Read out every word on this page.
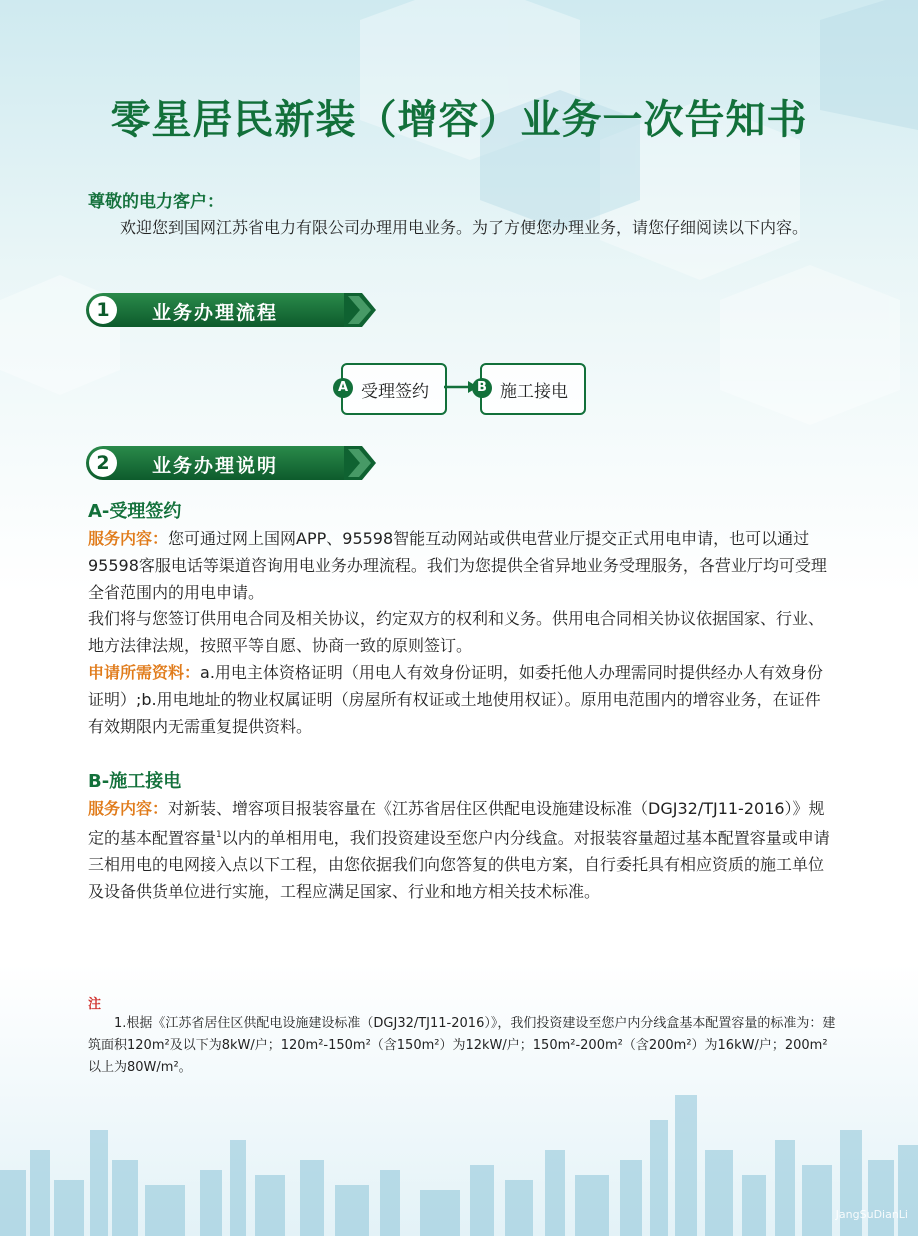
零星居民新装（增容）业务一次告知书
尊敬的电力客户：
欢迎您到国网江苏省电力有限公司办理用电业务。为了方便您办理业务，请您仔细阅读以下内容。
1	业务办理流程
A 受理签约	B 施工接电
2	业务办理说明
A-受理签约
服务内容：您可通过网上国网APP、95598智能互动网站或供电营业厅提交正式用电申请，也可以通过95598客服电话等渠道咨询用电业务办理流程。我们为您提供全省异地业务受理服务，各营业厅均可受理全省范围内的用电申请。
我们将与您签订供用电合同及相关协议，约定双方的权利和义务。供用电合同相关协议依据国家、行业、地方法律法规，按照平等自愿、协商一致的原则签订。
申请所需资料：a.用电主体资格证明（用电人有效身份证明，如委托他人办理需同时提供经办人有效身份证明）;b.用电地址的物业权属证明（房屋所有权证或土地使用权证）。原用电范围内的增容业务，在证件有效期限内无需重复提供资料。
B-施工接电
服务内容：对新装、增容项目报装容量在《江苏省居住区供配电设施建设标准（DGJ32/TJ11-2016）》规定的基本配置容量$^1$以内的单相用电，我们投资建设至您户内分线盒。对报装容量超过基本配置容量或申请三相用电的电网接入点以下工程，由您依据我们向您答复的供电方案，自行委托具有相应资质的施工单位及设备供货单位进行实施，工程应满足国家、行业和地方相关技术标准。
注
1.根据《江苏省居住区供配电设施建设标准（DGJ32/TJ11-2016）》，我们投资建设至您户内分线盒基本配置容量的标准为：建筑面积120m²及以下为8kW/户；120m²-150m²（含150m²）为12kW/户；150m²-200m²（含200m²）为16kW/户；200m²以上为80W/m²。
JangSuDianLi
